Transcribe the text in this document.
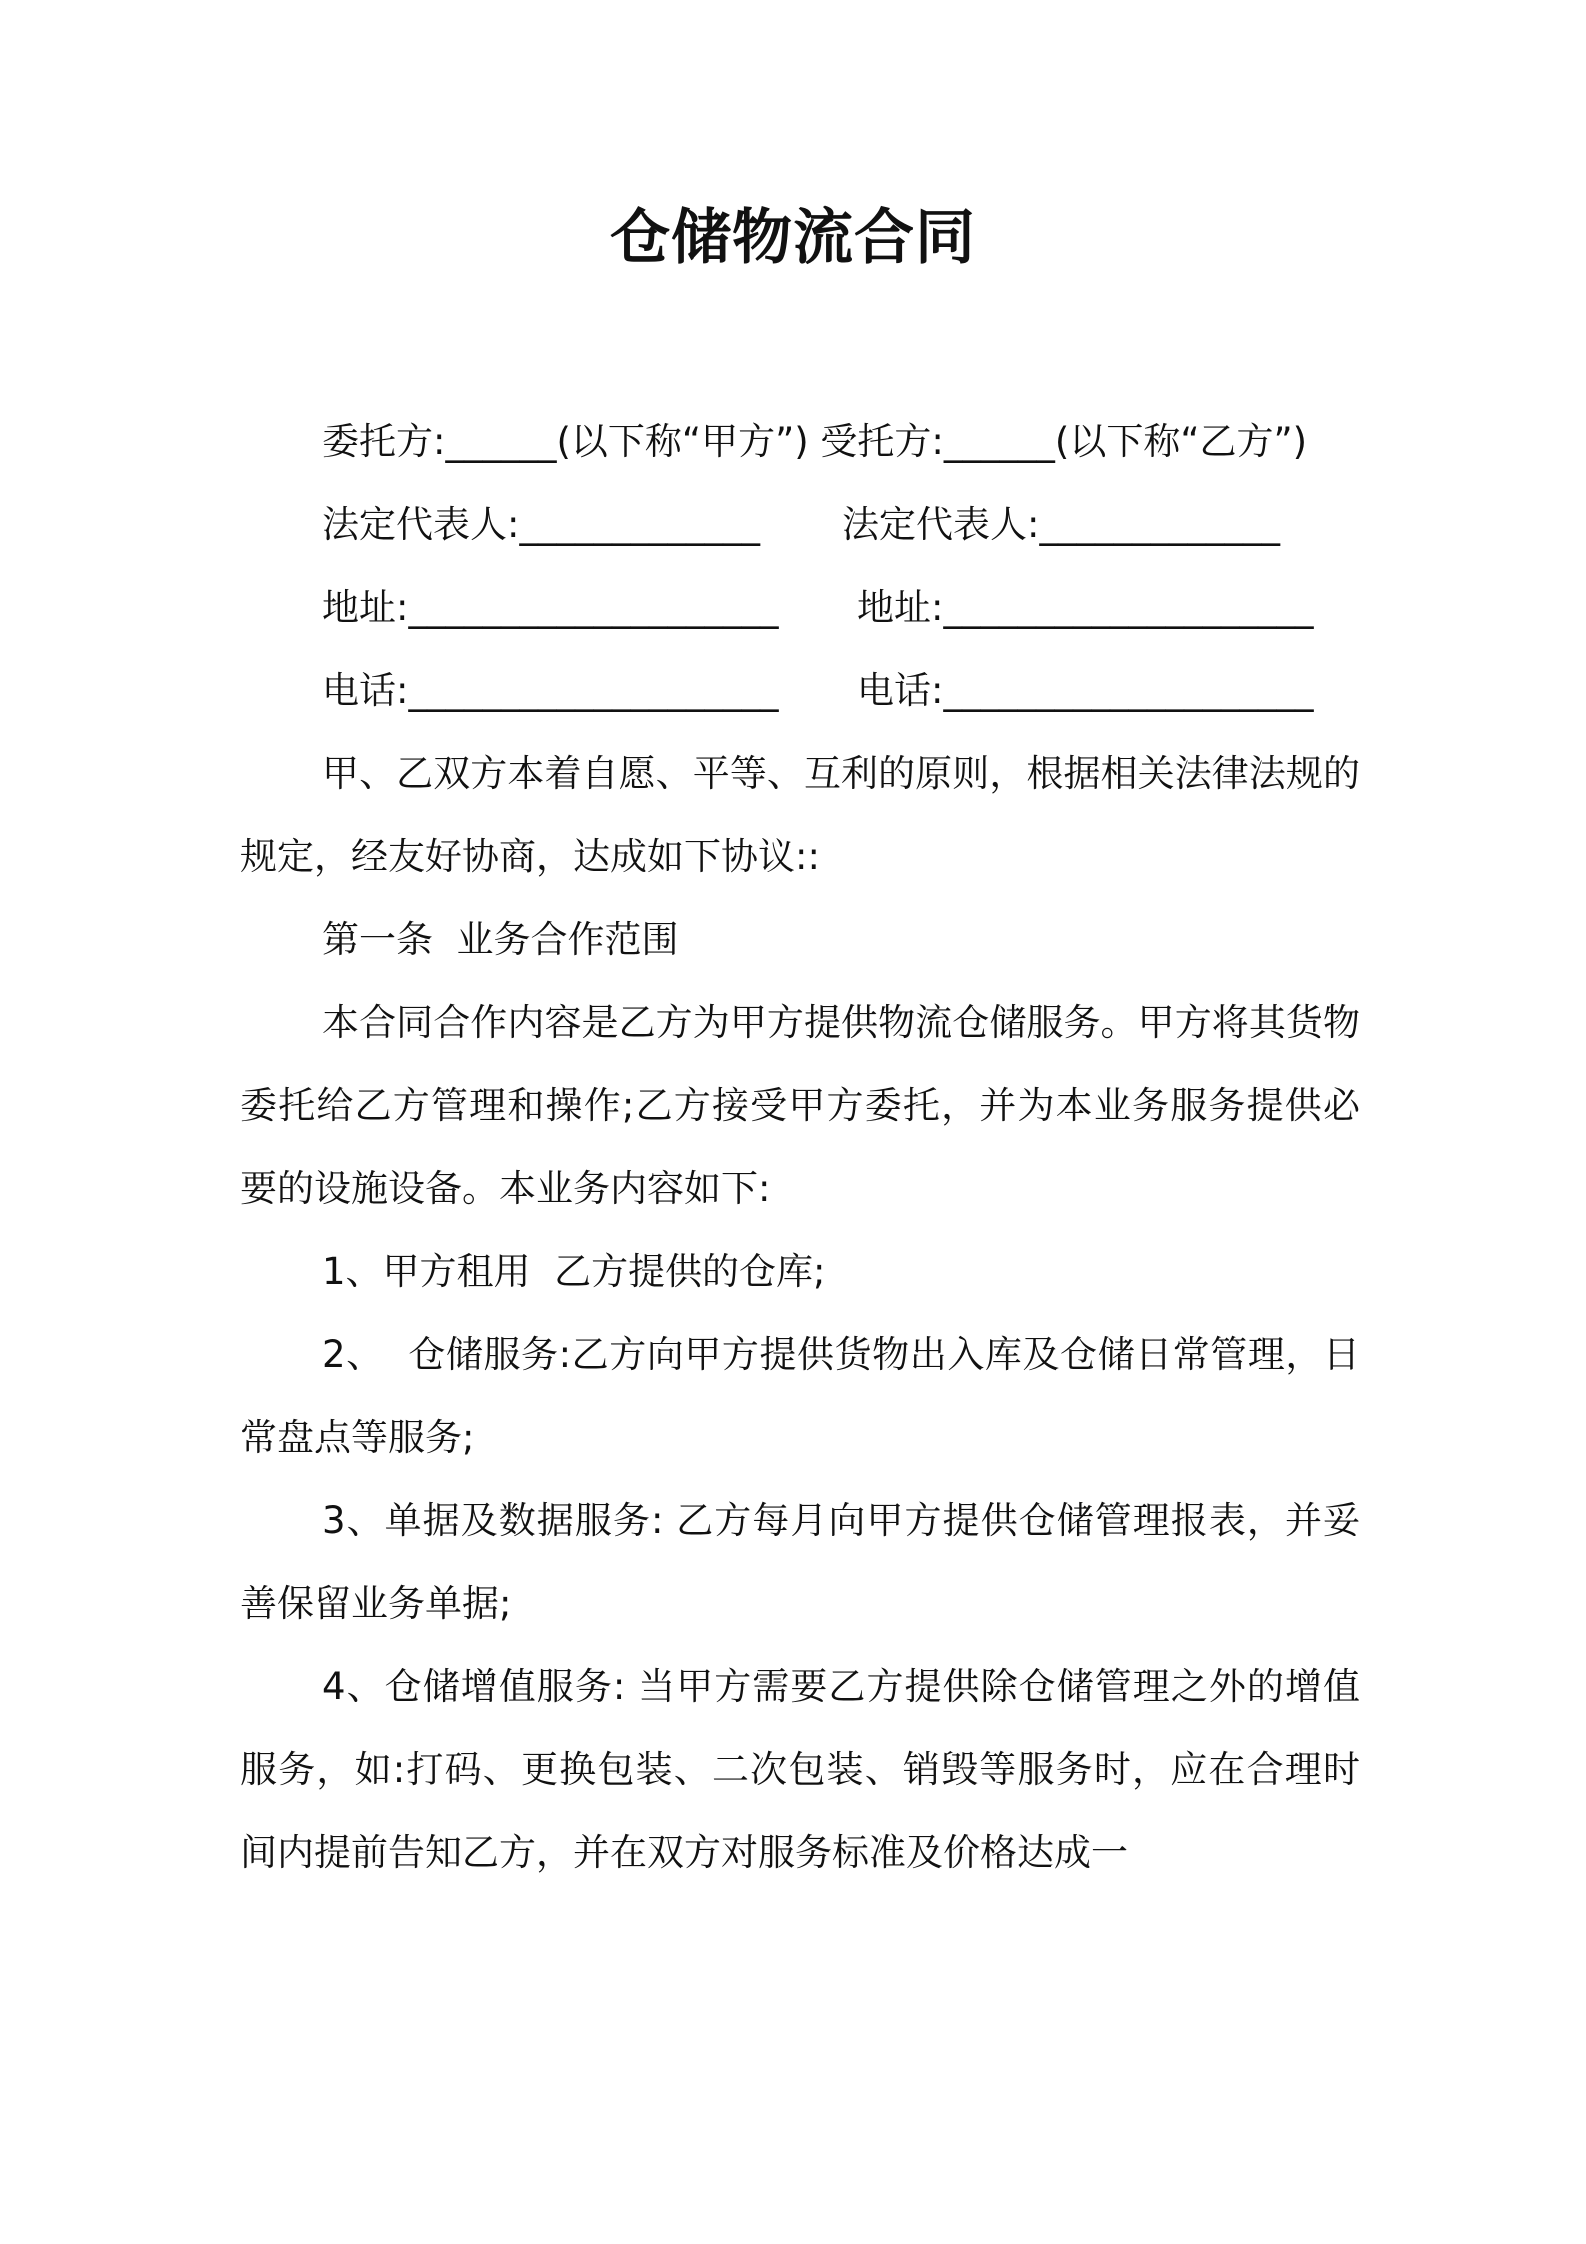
仓储物流合同

委托方:______(以下称“甲方”) 受托方:______(以下称“乙方”)

法定代表人:_____________	法定代表人:_____________
地址:____________________	地址:____________________
电话:____________________	电话:____________________

甲、乙双方本着自愿、平等、互利的原则，根据相关法律法规的规定，经友好协商，达成如下协议::

第一条  业务合作范围

本合同合作内容是乙方为甲方提供物流仓储服务。甲方将其货物委托给乙方管理和操作;乙方接受甲方委托，并为本业务服务提供必要的设施设备。本业务内容如下:

1、甲方租用  乙方提供的仓库;

2、  仓储服务:乙方向甲方提供货物出入库及仓储日常管理，日常盘点等服务;

3、单据及数据服务: 乙方每月向甲方提供仓储管理报表，并妥善保留业务单据;

4、仓储增值服务: 当甲方需要乙方提供除仓储管理之外的增值服务，如:打码、更换包装、二次包装、销毁等服务时，应在合理时间内提前告知乙方，并在双方对服务标准及价格达成一
